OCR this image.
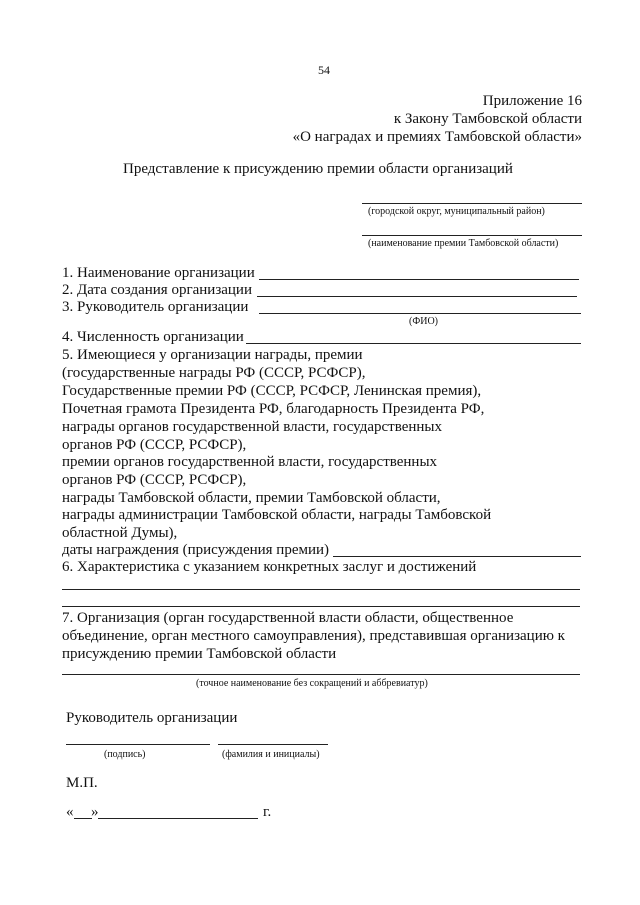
54
Приложение 16
к Закону Тамбовской области
«О наградах и премиях Тамбовской области»
Представление к присуждению премии области организаций
(городской округ, муниципальный район)
(наименование премии Тамбовской области)
1. Наименование организации
2. Дата создания организации
3. Руководитель организации
(ФИО)
4. Численность организации
5. Имеющиеся у организации награды, премии
(государственные награды РФ (СССР, РСФСР),
Государственные премии РФ (СССР, РСФСР, Ленинская премия),
Почетная грамота Президента РФ, благодарность Президента РФ,
награды органов государственной власти, государственных
органов РФ (СССР, РСФСР),
премии органов государственной власти, государственных
органов РФ (СССР, РСФСР),
награды Тамбовской области, премии Тамбовской области,
награды администрации Тамбовской области, награды Тамбовской
областной Думы),
даты награждения (присуждения премии)
6. Характеристика с указанием конкретных заслуг и достижений
7. Организация (орган государственной власти области, общественное
объединение, орган местного самоуправления), представившая организацию к
присуждению премии Тамбовской области
(точное наименование без сокращений и аббревиатур)
Руководитель организации
(подпись)	(фамилия и инициалы)
М.П.
« »	г.
